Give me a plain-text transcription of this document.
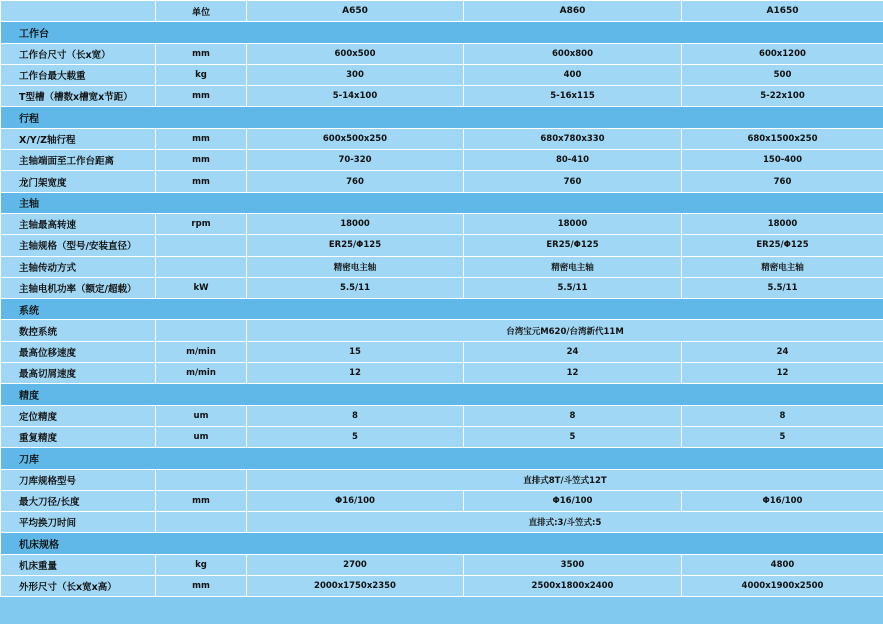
	单位	A650	A860	A1650
工作台				
工作台尺寸（长x宽）	mm	600x500	600x800	600x1200
工作台最大载重	kg	300	400	500
T型槽（槽数x槽宽x节距）	mm	5-14x100	5-16x115	5-22x100
行程				
X/Y/Z轴行程	mm	600x500x250	680x780x330	680x1500x250
主轴端面至工作台距离	mm	70-320	80-410	150-400
龙门架宽度	mm	760	760	760
主轴				
主轴最高转速	rpm	18000	18000	18000
主轴规格（型号/安装直径）		ER25/Φ125	ER25/Φ125	ER25/Φ125
主轴传动方式		精密电主轴	精密电主轴	精密电主轴
主轴电机功率（额定/超载）	kW	5.5/11	5.5/11	5.5/11
系统				
数控系统		台湾宝元M620/台湾新代11M		
最高位移速度	m/min	15	24	24
最高切屑速度	m/min	12	12	12
精度				
定位精度	um	8	8	8
重复精度	um	5	5	5
刀库				
刀库规格型号		直排式8T/斗笠式12T		
最大刀径/长度	mm	Φ16/100	Φ16/100	Φ16/100
平均换刀时间		直排式:3/斗笠式:5		
机床规格				
机床重量	kg	2700	3500	4800
外形尺寸（长x宽x高）	mm	2000x1750x2350	2500x1800x2400	4000x1900x2500
